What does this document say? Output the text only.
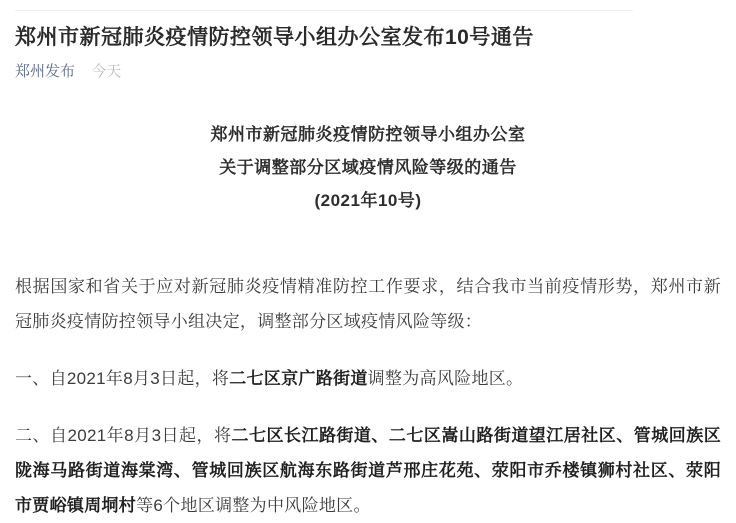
郑州市新冠肺炎疫情防控领导小组办公室发布10号通告
郑州发布 今天

郑州市新冠肺炎疫情防控领导小组办公室

关于调整部分区域疫情风险等级的通告

(2021年10号)

根据国家和省关于应对新冠肺炎疫情精准防控工作要求，结合我市当前疫情形势，郑州市新冠肺炎疫情防控领导小组决定，调整部分区域疫情风险等级：

一、自2021年8月3日起，将二七区京广路街道调整为高风险地区。

二、自2021年8月3日起，将二七区长江路街道、二七区嵩山路街道望江居社区、管城回族区陇海马路街道海棠湾、管城回族区航海东路街道芦邢庄花苑、荥阳市乔楼镇狮村社区、荥阳市贾峪镇周垌村等6个地区调整为中风险地区。
